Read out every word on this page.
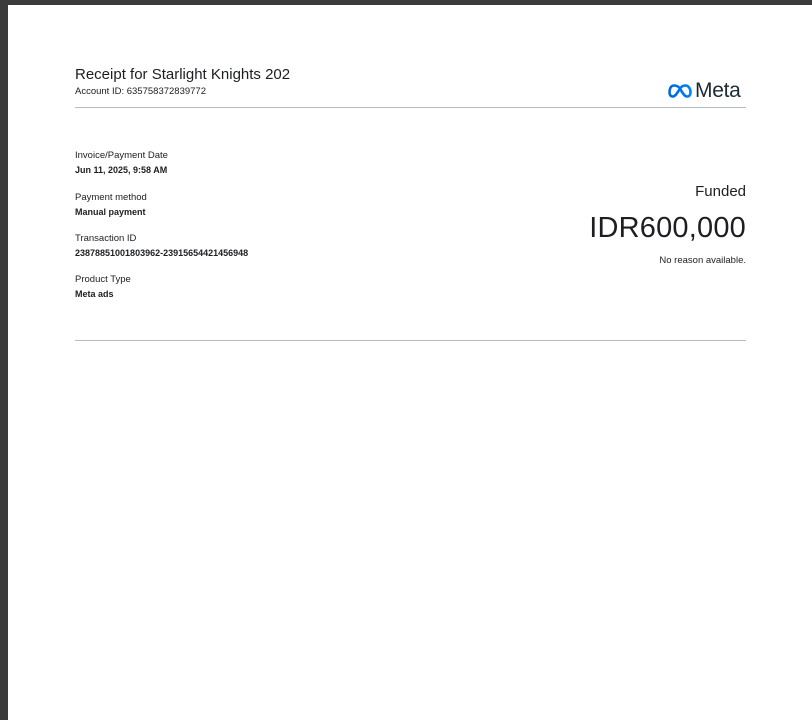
Receipt for Starlight Knights 202
Account ID: 635758372839772	Meta
Invoice/Payment Date
Jun 11, 2025, 9:58 AM
Payment method
Manual payment
Transaction ID
23878851001803962-23915654421456948
Product Type
Meta ads
Funded
IDR600,000
No reason available.
